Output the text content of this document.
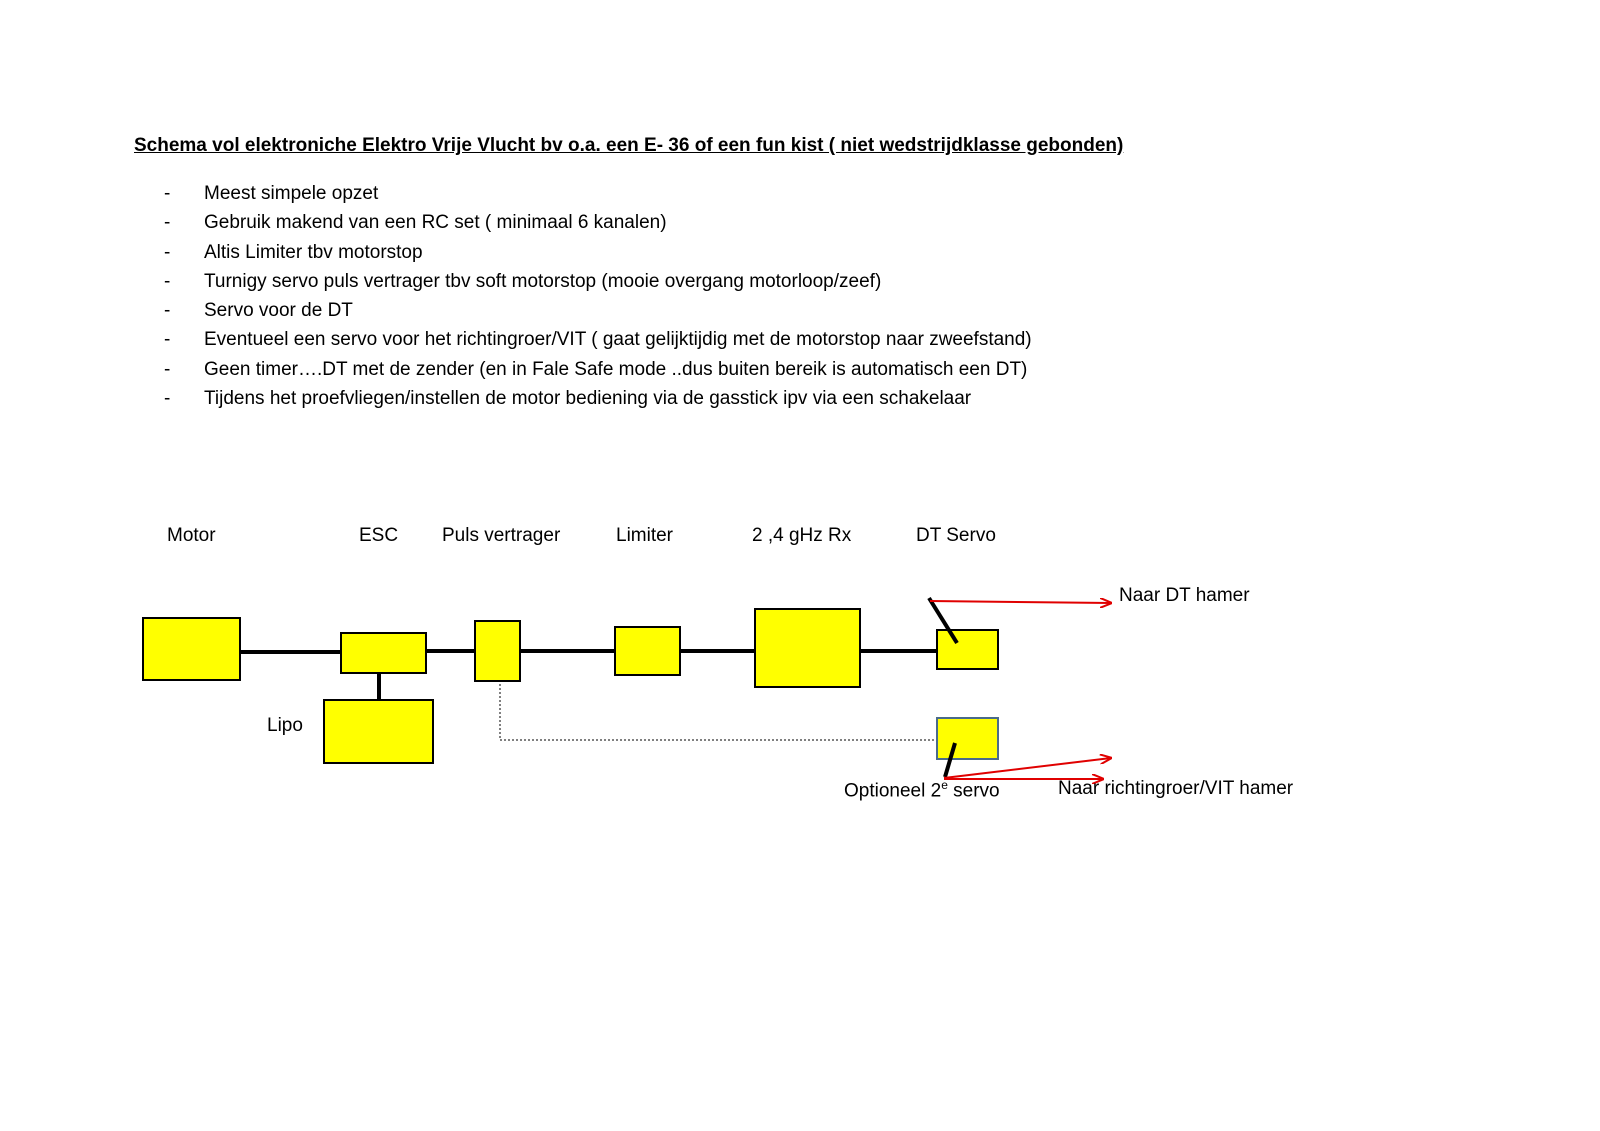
Schema vol elektroniche Elektro Vrije Vlucht bv o.a. een E- 36 of een fun kist ( niet wedstrijdklasse gebonden)
-	Meest simpele opzet
-	Gebruik makend van een RC set ( minimaal 6 kanalen)
-	Altis Limiter tbv motorstop
-	Turnigy servo puls vertrager tbv soft motorstop (mooie overgang motorloop/zeef)
-	Servo voor de DT
-	Eventueel een servo voor het richtingroer/VIT ( gaat gelijktijdig met de motorstop naar zweefstand)
-	Geen timer….DT met de zender (en in Fale Safe mode ..dus buiten bereik is automatisch een DT)
-	Tijdens het proefvliegen/instellen de motor bediening via de gasstick ipv via een schakelaar
Motor	ESC Puls vertrager	Limiter	2 ,4 gHz Rx	DT Servo
Lipo
Naar DT hamer
Optioneel 2e servo	Naar richtingroer/VIT hamer
